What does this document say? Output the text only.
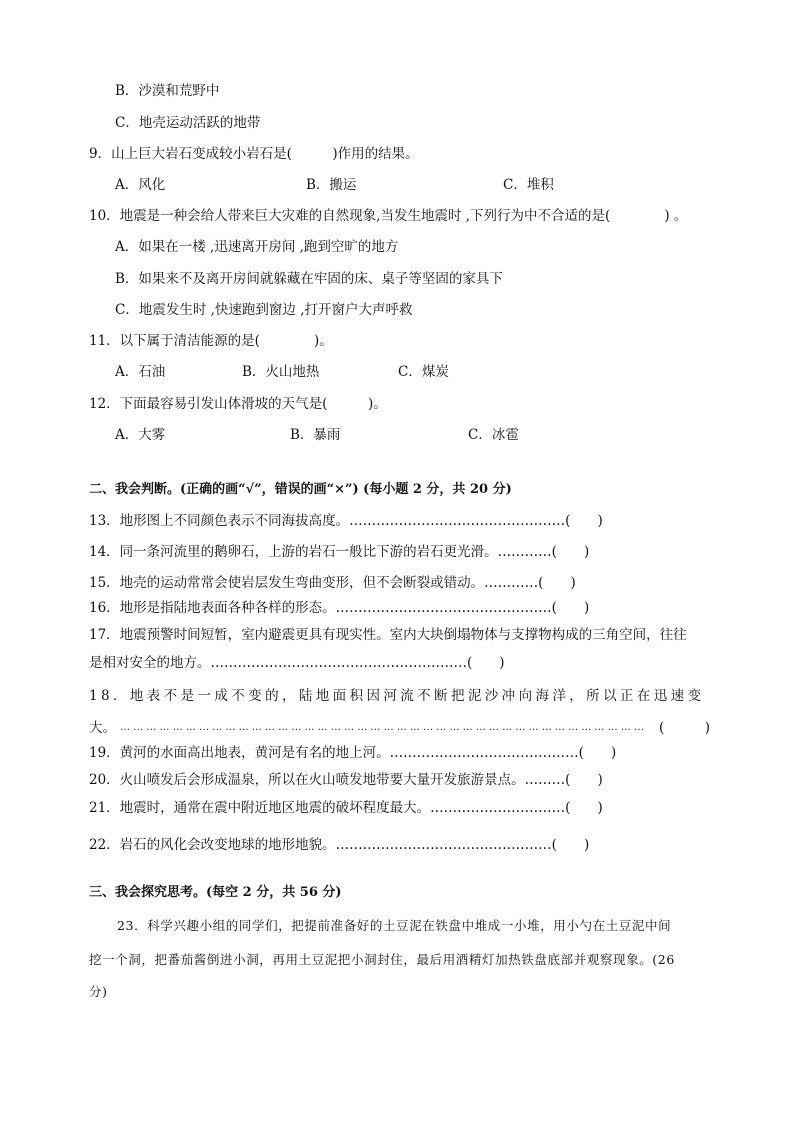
B．沙漠和荒野中
C．地壳运动活跃的地带
9．山上巨大岩石变成较小岩石是(　　　)作用的结果。
A．风化	B．搬运	C．堆积
10．地震是一种会给人带来巨大灾难的自然现象,当发生地震时 ,下列行为中不合适的是(　　　　) 。
A．如果在一楼 ,迅速离开房间 ,跑到空旷的地方
B．如果来不及离开房间就躲藏在牢固的床、桌子等坚固的家具下
C．地震发生时 ,快速跑到窗边 ,打开窗户大声呼救
11．以下属于清洁能源的是(　　　　)。
A．石油	B．火山地热	C．煤炭
12．下面最容易引发山体滑坡的天气是(　　　)。
A．大雾	B．暴雨	C．冰雹
二、我会判断。(正确的画“√”，错误的画“×”) (每小题 2 分，共 20 分)
13．地形图上不同颜色表示不同海拔高度。…………………………………………(　　)
14．同一条河流里的鹅卵石，上游的岩石一般比下游的岩石更光滑。…………(　　)
15．地壳的运动常常会使岩层发生弯曲变形，但不会断裂或错动。…………(　　)
16．地形是指陆地表面各种各样的形态。…………………………………………(　　)
17．地震预警时间短暂，室内避震更具有现实性。室内大块倒塌物体与支撑物构成的三角空间，往往
是相对安全的地方。…………………………………………………(　　)
18．地表不是一成不变的，陆地面积因河流不断把泥沙冲向海洋，所以正在迅速变
大。 … … … … … … … … … … … … … … … … … … … … … … … … … … … … … … … … … … … … … … … … (　　　)
19．黄河的水面高出地表，黄河是有名的地上河。……………………………………(　　)
20．火山喷发后会形成温泉，所以在火山喷发地带要大量开发旅游景点。………(　　)
21．地震时，通常在震中附近地区地震的破坏程度最大。…………………………(　　)
22．岩石的风化会改变地球的地形地貌。…………………………………………(　　)
三、我会探究思考。(每空 2 分，共 56 分)
23．科学兴趣小组的同学们，把提前准备好的土豆泥在铁盘中堆成一小堆，用小勺在土豆泥中间
挖一个洞，把番茄酱倒进小洞，再用土豆泥把小洞封住，最后用酒精灯加热铁盘底部并观察现象。(26
分)
